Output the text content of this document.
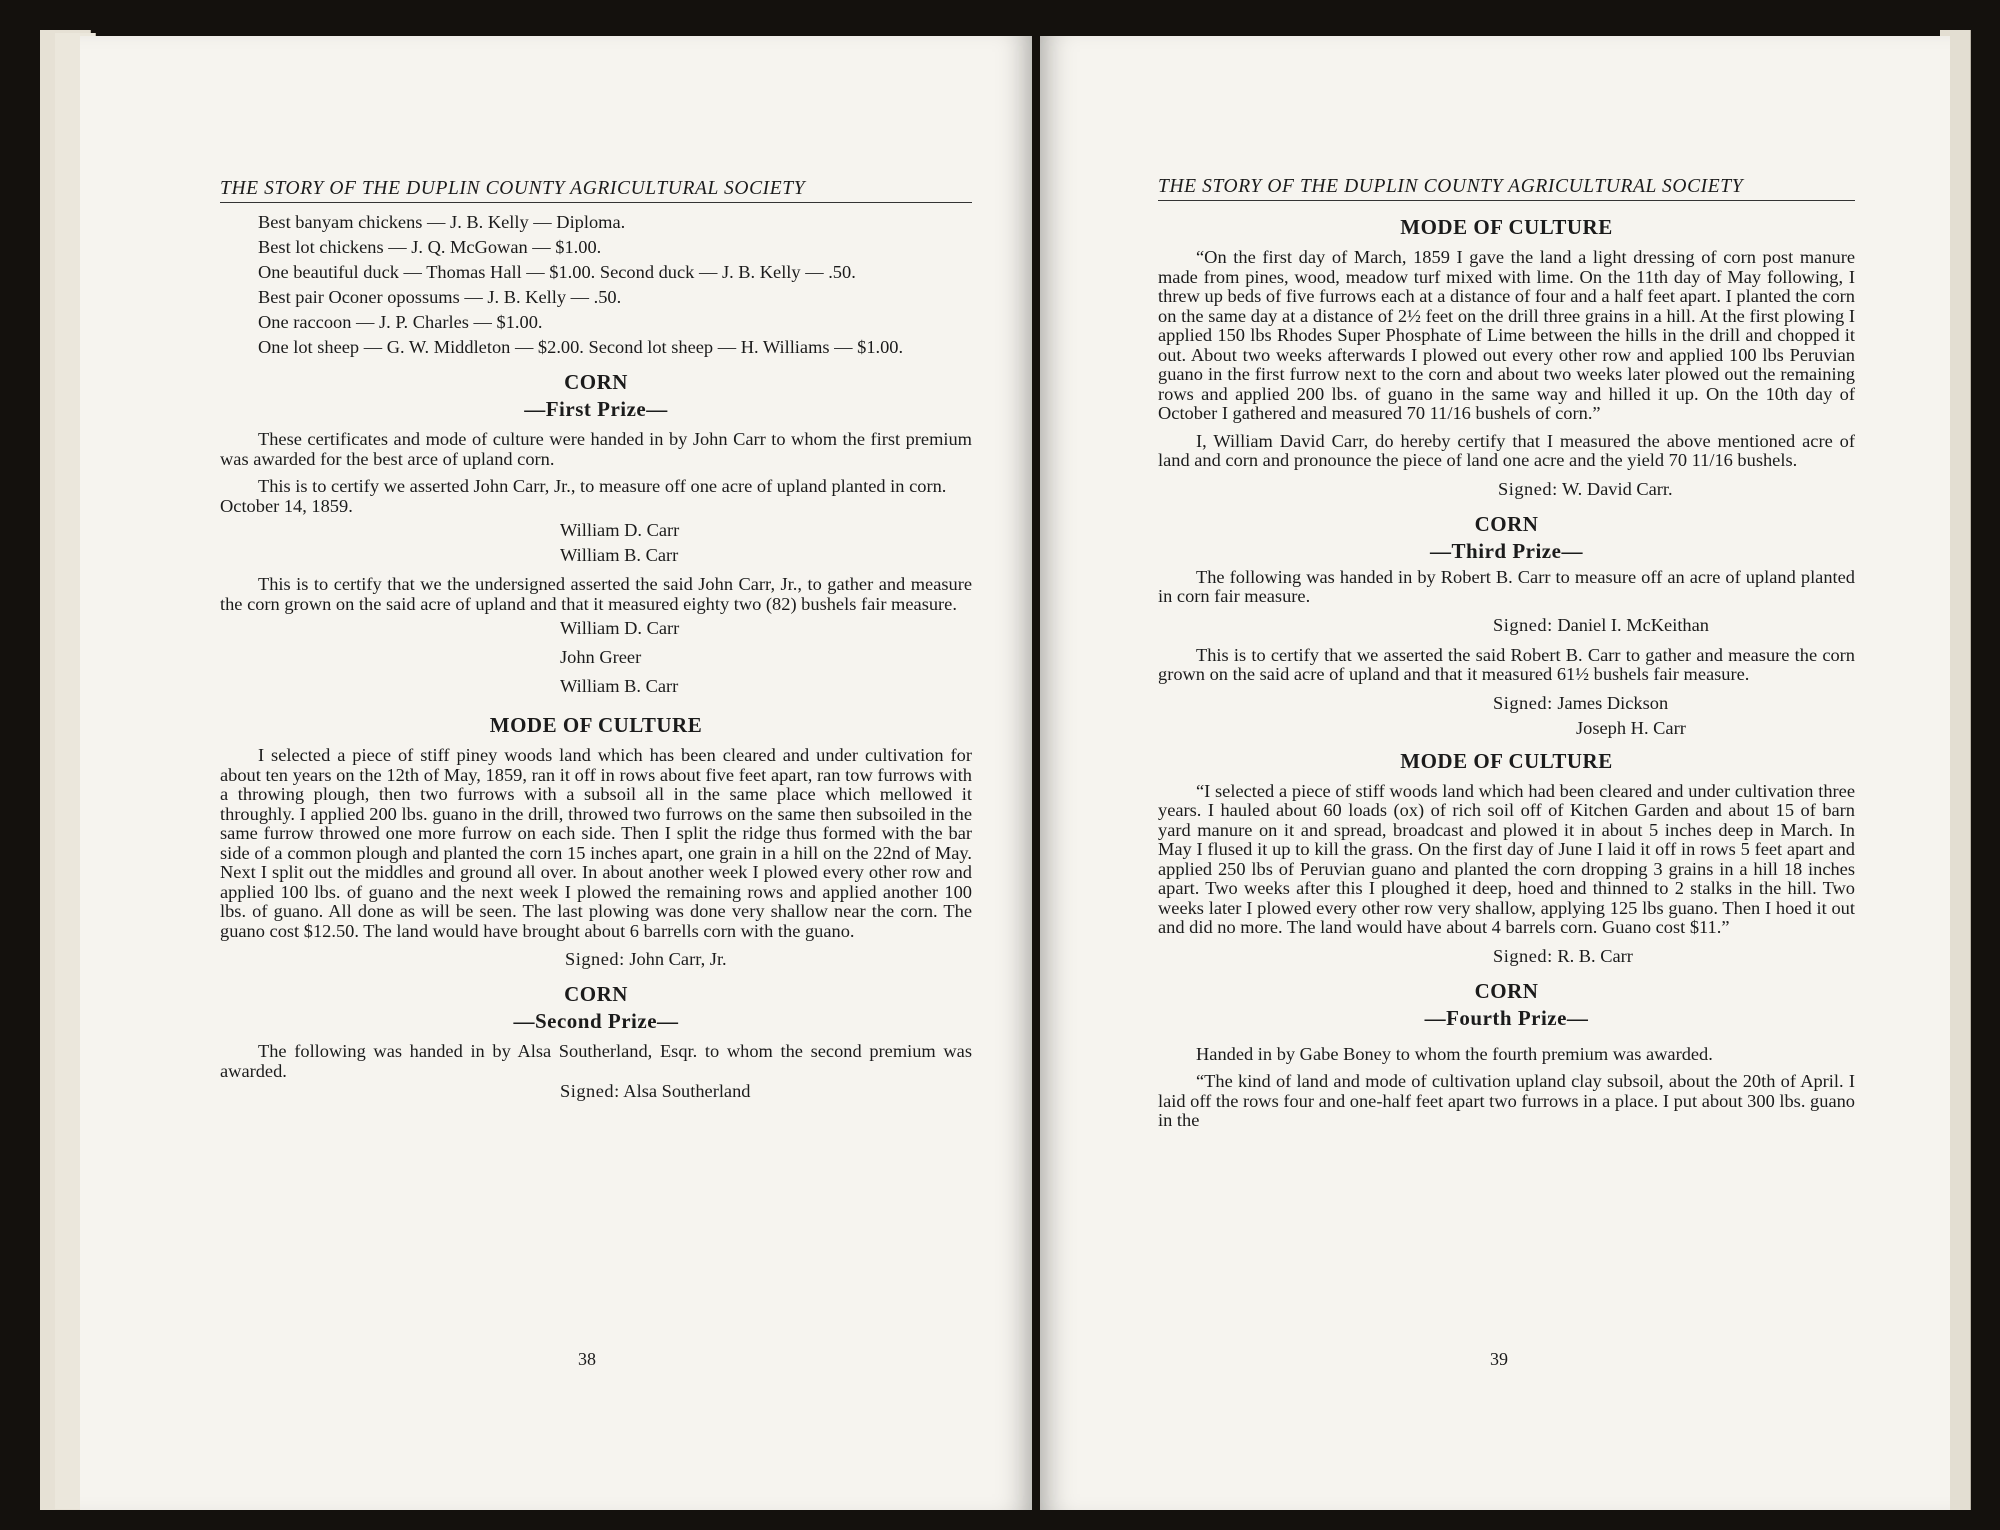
THE STORY OF THE DUPLIN COUNTY AGRICULTURAL SOCIETY

Best banyam chickens — J. B. Kelly — Diploma.

Best lot chickens — J. Q. McGowan — $1.00.

One beautiful duck — Thomas Hall — $1.00. Second duck — J. B. Kelly — .50.

Best pair Oconer opossums — J. B. Kelly — .50.

One raccoon — J. P. Charles — $1.00.

One lot sheep — G. W. Middleton — $2.00. Second lot sheep — H. Williams — $1.00.

CORN
—First Prize—

These certificates and mode of culture were handed in by John Carr to whom the first premium was awarded for the best arce of upland corn.

This is to certify we asserted John Carr, Jr., to measure off one acre of upland planted in corn.

October 14, 1859.
William D. Carr
William B. Carr

This is to certify that we the undersigned asserted the said John Carr, Jr., to gather and measure the corn grown on the said acre of upland and that it measured eighty two (82) bushels fair measure.

William D. Carr
John Greer
William B. Carr
MODE OF CULTURE

I selected a piece of stiff piney woods land which has been cleared and under cultivation for about ten years on the 12th of May, 1859, ran it off in rows about five feet apart, ran tow furrows with a throwing plough, then two furrows with a subsoil all in the same place which mellowed it throughly. I applied 200 lbs. guano in the drill, throwed two furrows on the same then subsoiled in the same furrow throwed one more furrow on each side. Then I split the ridge thus formed with the bar side of a common plough and planted the corn 15 inches apart, one grain in a hill on the 22nd of May. Next I split out the middles and ground all over. In about another week I plowed every other row and applied 100 lbs. of guano and the next week I plowed the remaining rows and applied another 100 lbs. of guano. All done as will be seen. The last plowing was done very shallow near the corn. The guano cost $12.50. The land would have brought about 6 barrells corn with the guano.

Signed: John Carr, Jr.
CORN
—Second Prize—

The following was handed in by Alsa Southerland, Esqr. to whom the second premium was awarded.

Signed: Alsa Southerland
38
THE STORY OF THE DUPLIN COUNTY AGRICULTURAL SOCIETY
MODE OF CULTURE

“On the first day of March, 1859 I gave the land a light dressing of corn post manure made from pines, wood, meadow turf mixed with lime. On the 11th day of May following, I threw up beds of five furrows each at a distance of four and a half feet apart. I planted the corn on the same day at a distance of 2½ feet on the drill three grains in a hill. At the first plowing I applied 150 lbs Rhodes Super Phosphate of Lime between the hills in the drill and chopped it out. About two weeks afterwards I plowed out every other row and applied 100 lbs Peruvian guano in the first furrow next to the corn and about two weeks later plowed out the remaining rows and applied 200 lbs. of guano in the same way and hilled it up. On the 10th day of October I gathered and measured 70 11/16 bushels of corn.”

I, William David Carr, do hereby certify that I measured the above mentioned acre of land and corn and pronounce the piece of land one acre and the yield 70 11/16 bushels.

Signed: W. David Carr.
CORN
—Third Prize—

The following was handed in by Robert B. Carr to measure off an acre of upland planted in corn fair measure.

Signed: Daniel I. McKeithan

This is to certify that we asserted the said Robert B. Carr to gather and measure the corn grown on the said acre of upland and that it measured 61½ bushels fair measure.

Signed: James Dickson
Joseph H. Carr
MODE OF CULTURE

“I selected a piece of stiff woods land which had been cleared and under cultivation three years. I hauled about 60 loads (ox) of rich soil off of Kitchen Garden and about 15 of barn yard manure on it and spread, broadcast and plowed it in about 5 inches deep in March. In May I flused it up to kill the grass. On the first day of June I laid it off in rows 5 feet apart and applied 250 lbs of Peruvian guano and planted the corn dropping 3 grains in a hill 18 inches apart. Two weeks after this I ploughed it deep, hoed and thinned to 2 stalks in the hill. Two weeks later I plowed every other row very shallow, applying 125 lbs guano. Then I hoed it out and did no more. The land would have about 4 barrels corn. Guano cost $11.”

Signed: R. B. Carr
CORN
—Fourth Prize—

Handed in by Gabe Boney to whom the fourth premium was awarded.

“The kind of land and mode of cultivation upland clay subsoil, about the 20th of April. I laid off the rows four and one-half feet apart two furrows in a place. I put about 300 lbs. guano in the

39
